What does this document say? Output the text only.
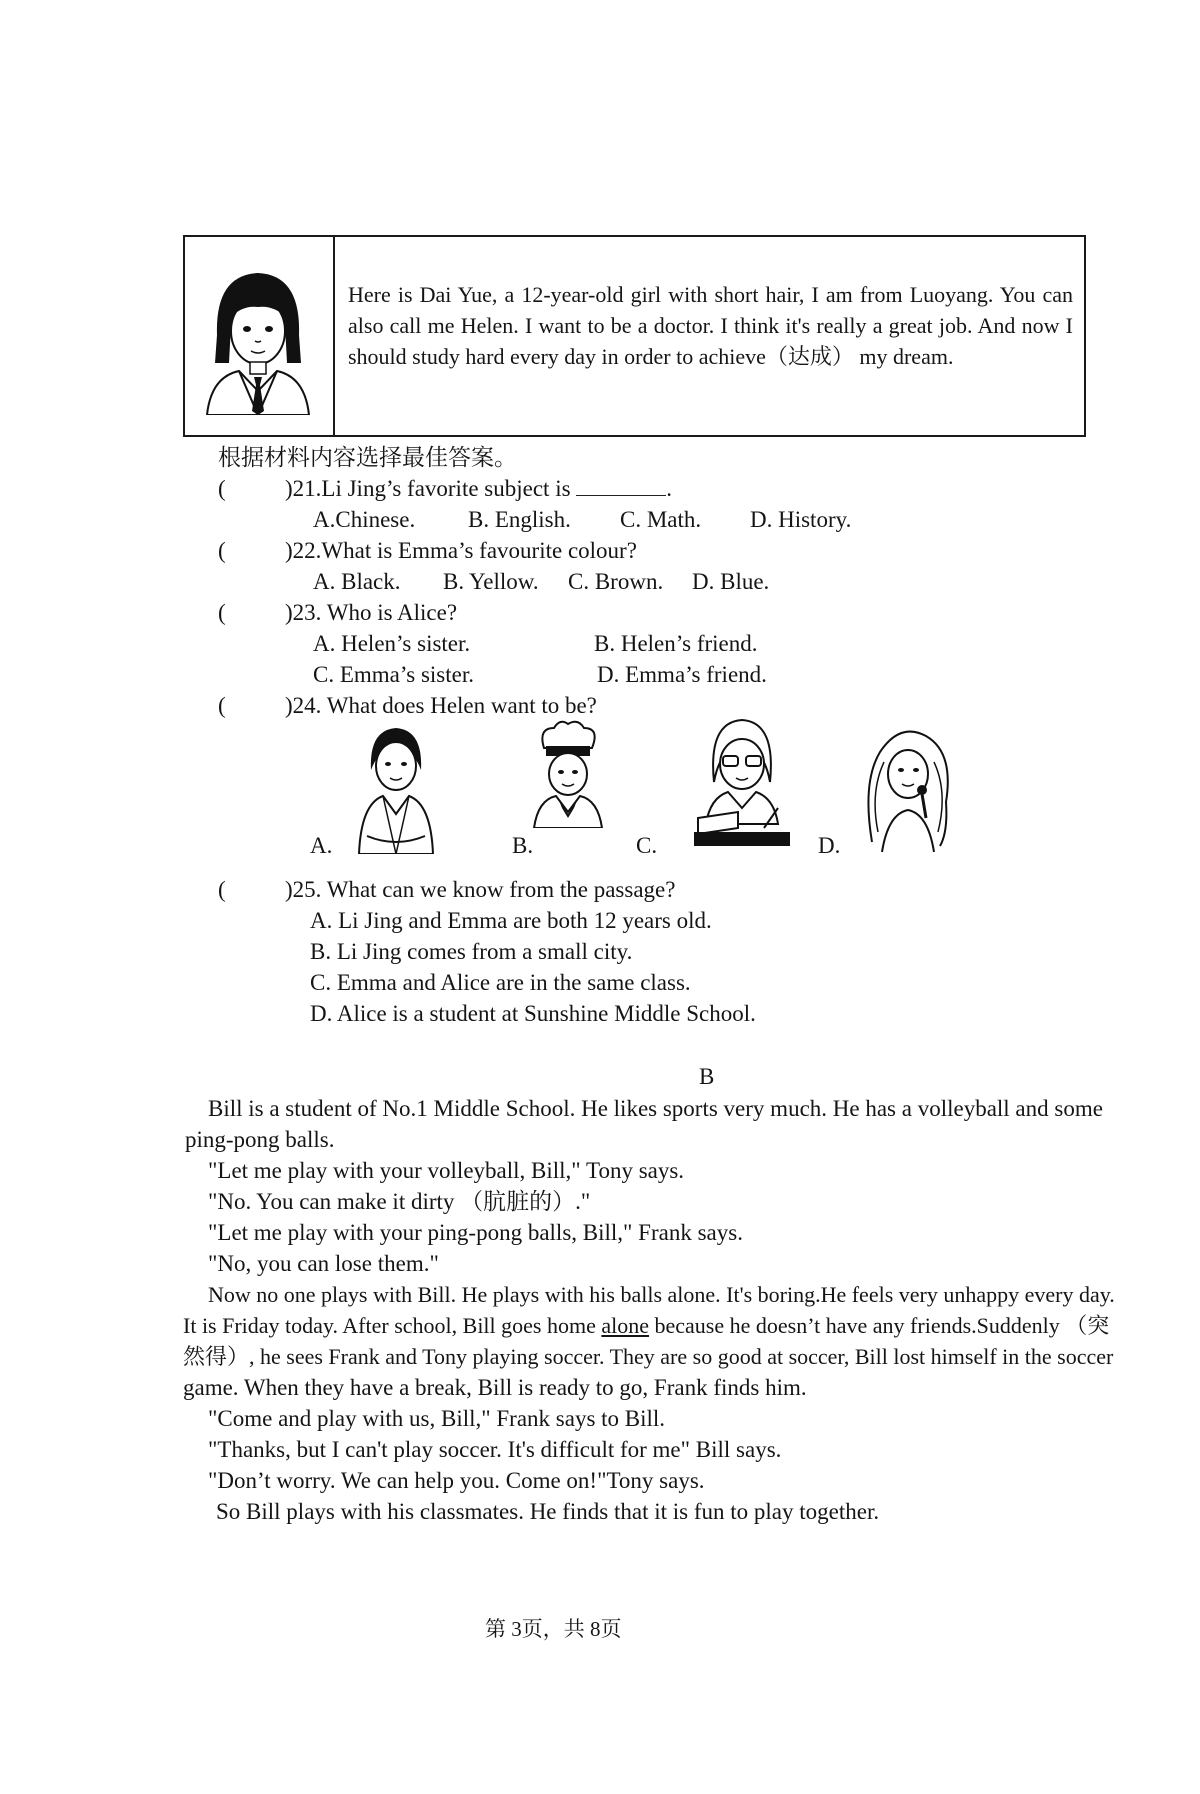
Here is Dai Yue, a 12-year-old girl with short hair, I am from Luoyang. You can also call me Helen. I want to be a doctor. I think it's really a great job. And now I should study hard every day in order to achieve（达成） my dream.
根据材料内容选择最佳答案。
(	)21.Li Jing’s favorite subject is	.
A.Chinese. B. English. C. Math. D. History.
(	)22.What is Emma’s favourite colour?
A. Black. B. Yellow. C. Brown. D. Blue.
(	)23. Who is Alice?
A. Helen’s sister.	B. Helen’s friend.
C. Emma’s sister.	D. Emma’s friend.
(	)24. What does Helen want to be?
A.	B.	C.	D.
(	)25. What can we know from the passage?
A. Li Jing and Emma are both 12 years old.
B. Li Jing comes from a small city.
C. Emma and Alice are in the same class.
D. Alice is a student at Sunshine Middle School.
B
Bill is a student of No.1 Middle School. He likes sports very much. He has a volleyball and some
ping-pong balls.
"Let me play with your volleyball, Bill," Tony says.
"No. You can make it dirty （肮脏的）."
"Let me play with your ping-pong balls, Bill," Frank says.
"No, you can lose them."
Now no one plays with Bill. He plays with his balls alone. It's boring.He feels very unhappy every day.
It is Friday today. After school, Bill goes home alone because he doesn’t have any friends.Suddenly （突
然得）, he sees Frank and Tony playing soccer. They are so good at soccer, Bill lost himself in the soccer
game. When they have a break, Bill is ready to go, Frank finds him.
"Come and play with us, Bill," Frank says to Bill.
"Thanks, but I can't play soccer. It's difficult for me" Bill says.
"Don’t worry. We can help you. Come on!"Tony says.
So Bill plays with his classmates. He finds that it is fun to play together.
第 3页，共 8页
